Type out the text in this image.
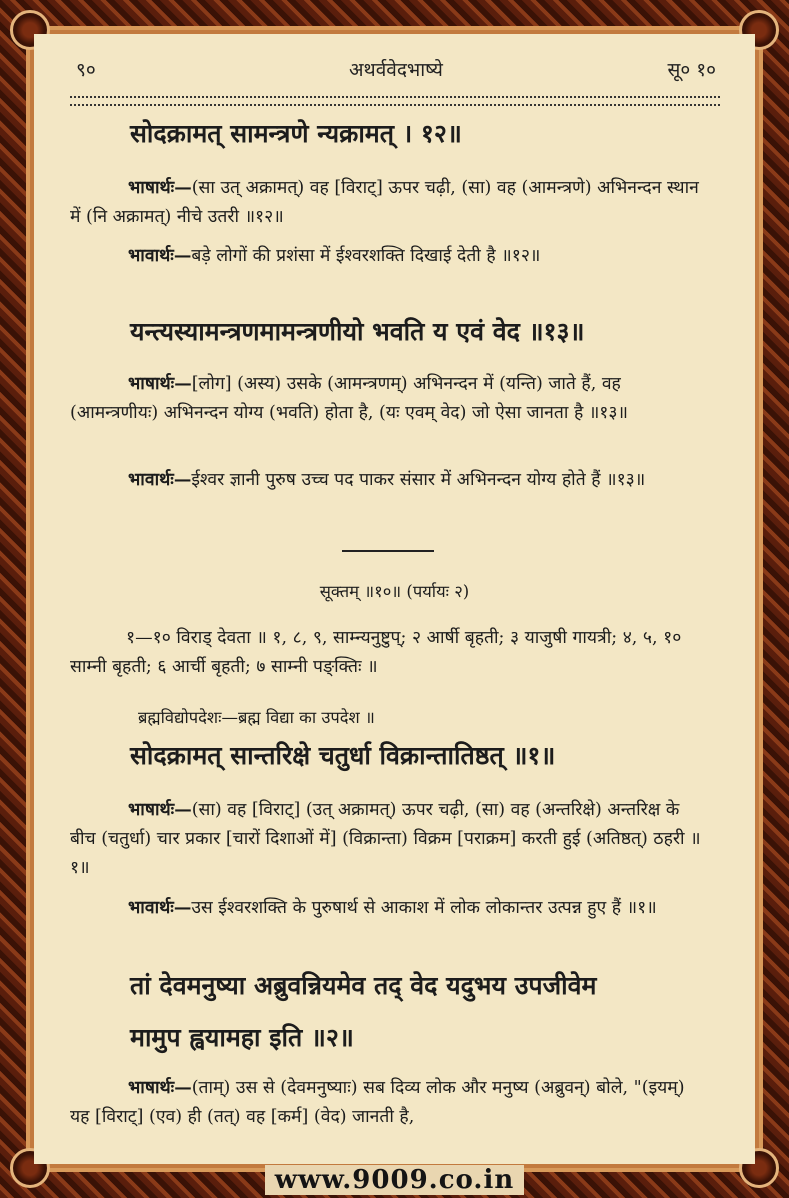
९०	अथर्ववेदभाष्ये	सू० १०
सोदक्रामत् सामन्त्रणे न्यक्रामत् । १२॥
भाषार्थः—(सा उत् अक्रामत्) वह [विराट्] ऊपर चढ़ी, (सा) वह (आमन्त्रणे) अभिनन्दन स्थान में (नि अक्रामत्) नीचे उतरी ॥१२॥
भावार्थः—बड़े लोगों की प्रशंसा में ईश्वरशक्ति दिखाई देती है ॥१२॥
यन्त्यस्यामन्त्रणमामन्त्रणीयो भवति य एवं वेद ॥१३॥
भाषार्थः—[लोग] (अस्य) उसके (आमन्त्रणम्) अभिनन्दन में (यन्ति) जाते हैं, वह (आमन्त्रणीयः) अभिनन्दन योग्य (भवति) होता है, (यः एवम् वेद) जो ऐसा जानता है ॥१३॥
भावार्थः—ईश्वर ज्ञानी पुरुष उच्च पद पाकर संसार में अभिनन्दन योग्य होते हैं ॥१३॥
सूक्तम् ॥१०॥ (पर्यायः २)
१—१० विराड् देवता ॥ १, ८, ९, साम्न्यनुष्टुप्; २ आर्षी बृहती; ३ याजुषी गायत्री; ४, ५, १० साम्नी बृहती; ६ आर्ची बृहती; ७ साम्नी पङ्क्तिः ॥
ब्रह्मविद्योपदेशः—ब्रह्म विद्या का उपदेश ॥
सोदक्रामत् सान्तरिक्षे चतुर्धा विक्रान्तातिष्ठत् ॥१॥
भाषार्थः—(सा) वह [विराट्] (उत् अक्रामत्) ऊपर चढ़ी, (सा) वह (अन्तरिक्षे) अन्तरिक्ष के बीच (चतुर्धा) चार प्रकार [चारों दिशाओं में] (विक्रान्ता) विक्रम [पराक्रम] करती हुई (अतिष्ठत्) ठहरी ॥१॥
भावार्थः—उस ईश्वरशक्ति के पुरुषार्थ से आकाश में लोक लोकान्तर उत्पन्न हुए हैं ॥१॥
तां देवमनुष्या अब्रुवन्नियमेव तद् वेद यदुभय उपजीवेम
मामुप ह्वयामहा इति ॥२॥
भाषार्थः—(ताम्) उस से (देवमनुष्याः) सब दिव्य लोक और मनुष्य (अब्रुवन्) बोले, "(इयम्) यह [विराट्] (एव) ही (तत्) वह [कर्म] (वेद) जानती है,
www.9009.co.in
